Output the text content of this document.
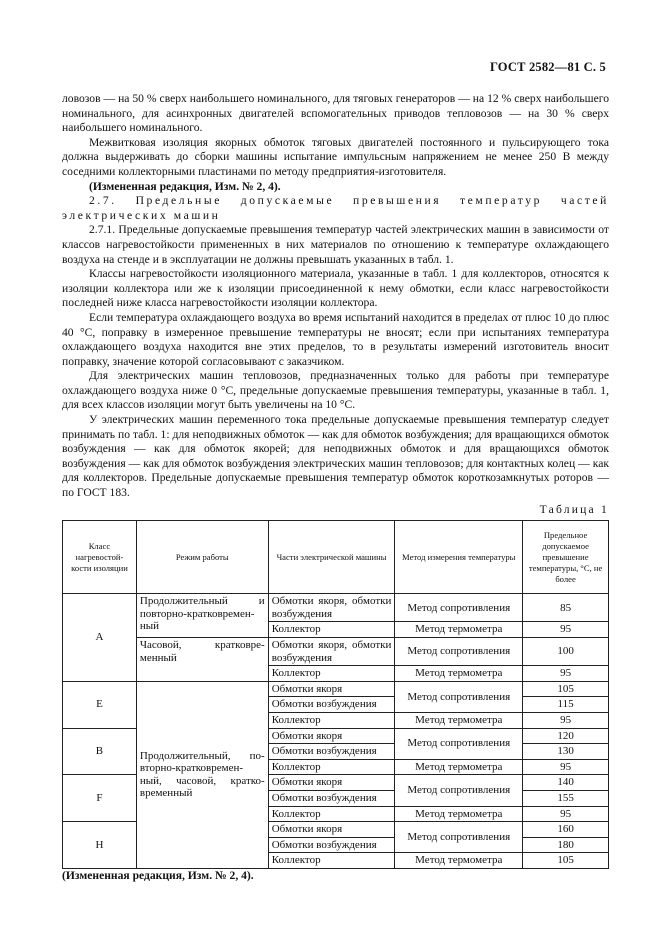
ГОСТ 2582—81 С. 5

ловозов — на 50 % сверх наибольшего номинального, для тяговых генераторов — на 12 % сверх наибольшего номинального, для асинхронных двигателей вспомогательных приводов тепловозов — на 30 % сверх наибольшего номинального.

Межвитковая изоляция якорных обмоток тяговых двигателей постоянного и пульсирующего тока должна выдерживать до сборки машины испытание импульсным напряжением не менее 250 В между соседними коллекторными пластинами по методу предприятия-изготовителя.

(Измененная редакция, Изм. № 2, 4).

2.7. Предельные допускаемые превышения температур частей электрических машин

2.7.1. Предельные допускаемые превышения температур частей электрических машин в зависимости от классов нагревостойкости примененных в них материалов по отношению к температуре охлаждающего воздуха на стенде и в эксплуатации не должны превышать указанных в табл. 1.

Классы нагревостойкости изоляционного материала, указанные в табл. 1 для коллекторов, относятся к изоляции коллектора или же к изоляции присоединенной к нему обмотки, если класс нагревостойкости последней ниже класса нагревостойкости изоляции коллектора.

Если температура охлаждающего воздуха во время испытаний находится в пределах от плюс 10 до плюс 40 °С, поправку в измеренное превышение температуры не вносят; если при испытаниях температура охлаждающего воздуха находится вне этих пределов, то в результаты измерений изготовитель вносит поправку, значение которой согласовывают с заказчиком.

Для электрических машин тепловозов, предназначенных только для работы при температуре охлаждающего воздуха ниже 0 °С, предельные допускаемые превышения температуры, указанные в табл. 1, для всех классов изоляции могут быть увеличены на 10 °С.

У электрических машин переменного тока предельные допускаемые превышения температур следует принимать по табл. 1: для неподвижных обмоток — как для обмоток возбуждения; для вращающихся обмоток возбуждения — как для обмоток якорей; для неподвижных обмоток и для вращающихся обмоток возбуждения — как для обмоток возбуждения электрических машин тепловозов; для контактных колец — как для коллекторов. Предельные допускаемые превышения температур обмоток короткозамкнутых роторов — по ГОСТ 183.

Таблица 1
Класс нагревостой- кости изоляции	Режим работы	Части электрической машины	Метод измерения температуры	Предельное допускаемое превышение температуры, °С, не более
A	Продолжительный и повторно-кратковремен- ный	Обмотки якоря, обмотки возбуждения	Метод сопротивления	85
		Коллектор	Метод термометра	95
	Часовой, кратковре- менный	Обмотки якоря, обмотки возбуждения	Метод сопротивления	100
		Коллектор	Метод термометра	95
E	Продолжительный, по- вторно-кратковремен- ный, часовой, кратко- временный	Обмотки якоря	Метод сопротивления	105
		Обмотки возбуждения		115
		Коллектор	Метод термометра	95
B		Обмотки якоря	Метод сопротивления	120
		Обмотки возбуждения		130
		Коллектор	Метод термометра	95
F		Обмотки якоря	Метод сопротивления	140
		Обмотки возбуждения		155
		Коллектор	Метод термометра	95
H		Обмотки якоря	Метод сопротивления	160
		Обмотки возбуждения		180
		Коллектор	Метод термометра	105

(Измененная редакция, Изм. № 2, 4).
